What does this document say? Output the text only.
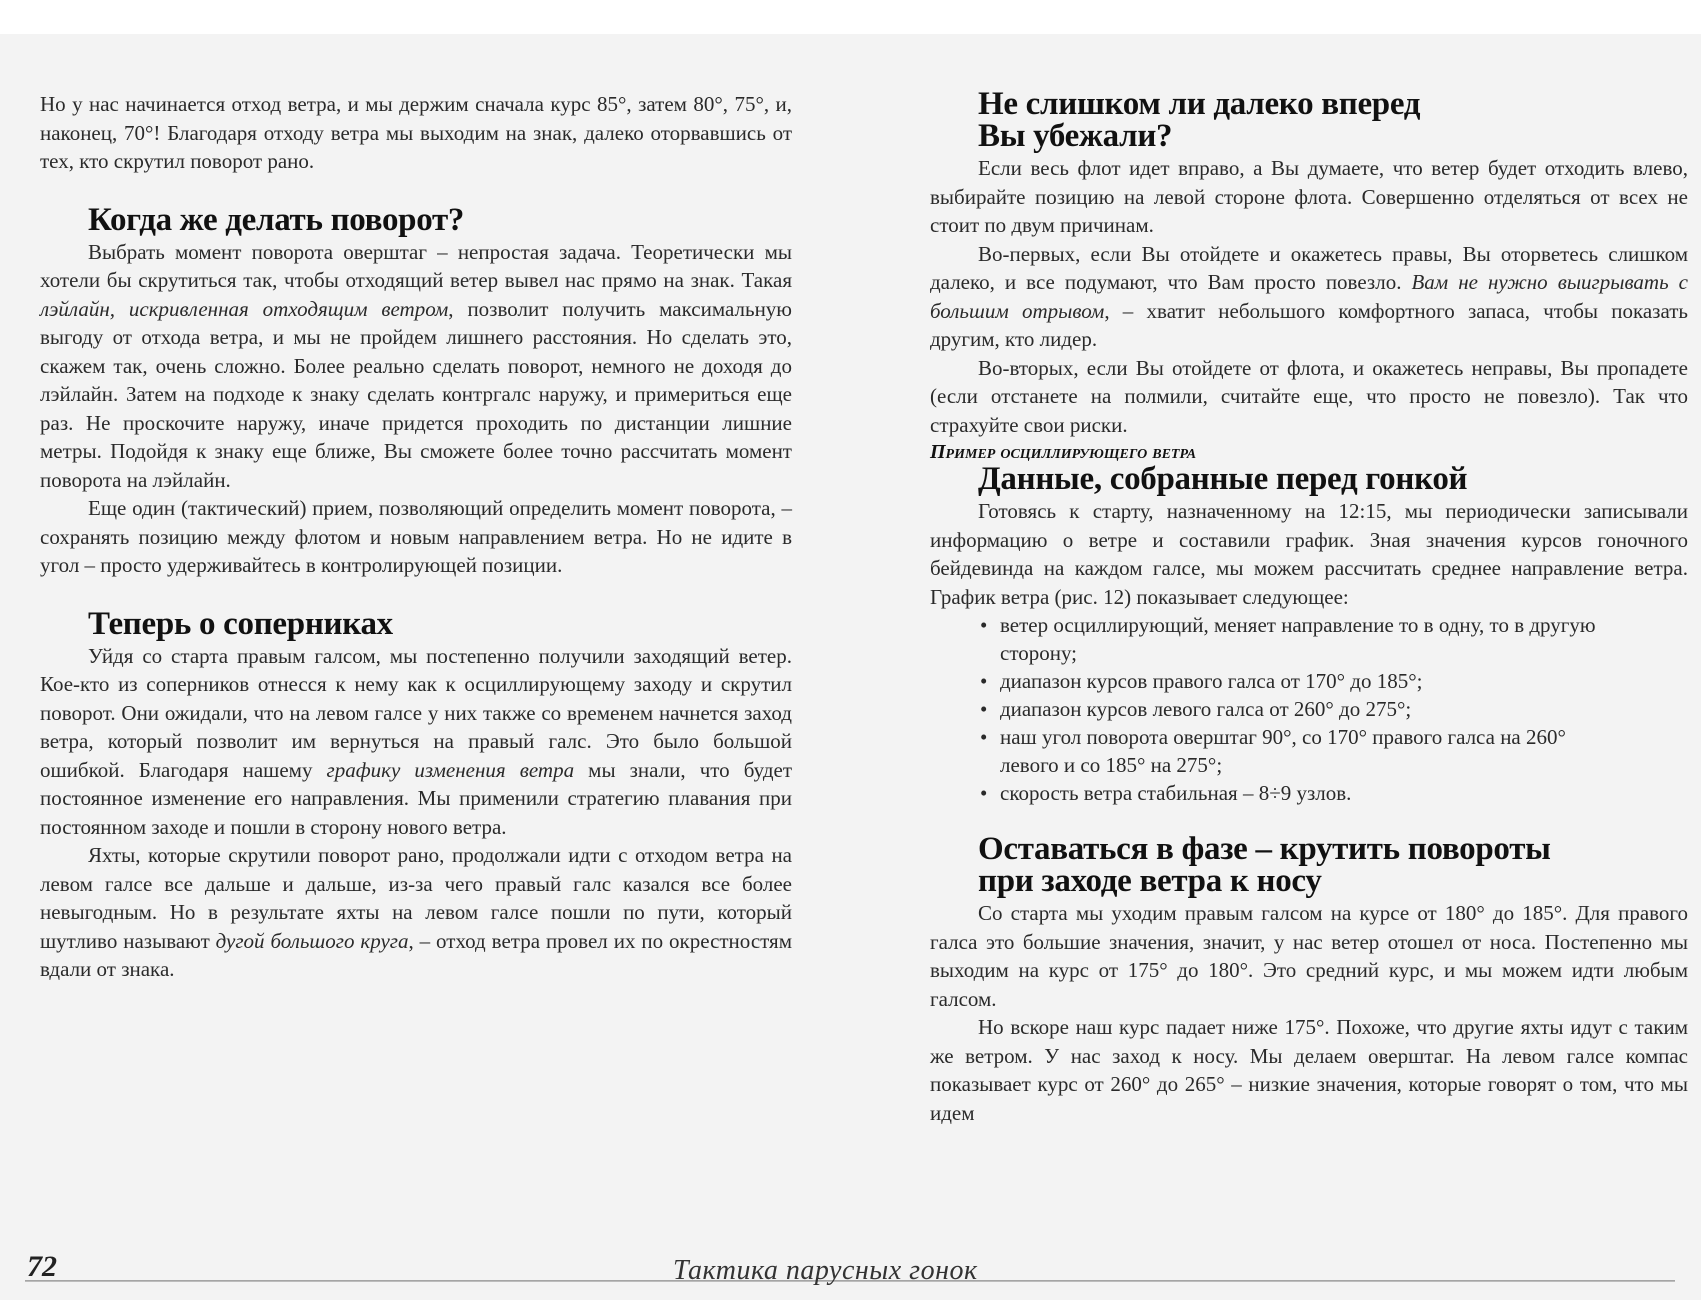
Но у нас начинается отход ветра, и мы держим сначала курс 85°, затем 80°, 75°, и, наконец, 70°! Благодаря отходу ветра мы выходим на знак, далеко оторвавшись от тех, кто скрутил поворот рано.

Когда же делать поворот?

Выбрать момент поворота оверштаг – непростая задача. Теоретически мы хотели бы скрутиться так, чтобы отходящий ветер вывел нас прямо на знак. Такая лэйлайн, искривленная отходящим ветром, позволит получить максимальную выгоду от отхода ветра, и мы не пройдем лишнего расстояния. Но сделать это, скажем так, очень сложно. Более реально сделать поворот, немного не доходя до лэйлайн. Затем на подходе к знаку сделать контргалс наружу, и примериться еще раз. Не проскочите наружу, иначе придется проходить по дистанции лишние метры. Подойдя к знаку еще ближе, Вы сможете более точно рассчитать момент поворота на лэйлайн.

Еще один (тактический) прием, позволяющий определить момент поворота, – сохранять позицию между флотом и новым направлением ветра. Но не идите в угол – просто удерживайтесь в контролирующей позиции.

Теперь о соперниках

Уйдя со старта правым галсом, мы постепенно получили заходящий ветер. Кое-кто из соперников отнесся к нему как к осциллирующему заходу и скрутил поворот. Они ожидали, что на левом галсе у них также со временем начнется заход ветра, который позволит им вернуться на правый галс. Это было большой ошибкой. Благодаря нашему графику изменения ветра мы знали, что будет постоянное изменение его направления. Мы применили стратегию плавания при постоянном заходе и пошли в сторону нового ветра.

Яхты, которые скрутили поворот рано, продолжали идти с отходом ветра на левом галсе все дальше и дальше, из-за чего правый галс казался все более невыгодным. Но в результате яхты на левом галсе пошли по пути, который шутливо называют дугой большого круга, – отход ветра провел их по окрестностям вдали от знака.

Не слишком ли далеко вперед
Вы убежали?

Если весь флот идет вправо, а Вы думаете, что ветер будет отходить влево, выбирайте позицию на левой стороне флота. Совершенно отделяться от всех не стоит по двум причинам.

Во-первых, если Вы отойдете и окажетесь правы, Вы оторветесь слишком далеко, и все подумают, что Вам просто повезло. Вам не нужно выигрывать с большим отрывом, – хватит небольшого комфортного запаса, чтобы показать другим, кто лидер.

Во-вторых, если Вы отойдете от флота, и окажетесь неправы, Вы пропадете (если отстанете на полмили, считайте еще, что просто не повезло). Так что страхуйте свои риски.

Пример осциллирующего ветра
Данные, собранные перед гонкой

Готовясь к старту, назначенному на 12:15, мы периодически записывали информацию о ветре и составили график. Зная значения курсов гоночного бейдевинда на каждом галсе, мы можем рассчитать среднее направление ветра. График ветра (рис. 12) показывает следующее:

• ветер осциллирующий, меняет направление то в одну, то в другую сторону;
• диапазон курсов правого галса от 170° до 185°;
• диапазон курсов левого галса от 260° до 275°;
• наш угол поворота оверштаг 90°, со 170° правого галса на 260° левого и со 185° на 275°;
• скорость ветра стабильная – 8÷9 узлов.
Оставаться в фазе – крутить повороты
при заходе ветра к носу

Со старта мы уходим правым галсом на курсе от 180° до 185°. Для правого галса это большие значения, значит, у нас ветер отошел от носа. Постепенно мы выходим на курс от 175° до 180°. Это средний курс, и мы можем идти любым галсом.

Но вскоре наш курс падает ниже 175°. Похоже, что другие яхты идут с таким же ветром. У нас заход к носу. Мы делаем оверштаг. На левом галсе компас показывает курс от 260° до 265° – низкие значения, которые говорят о том, что мы идем

72	Тактика парусных гонок
